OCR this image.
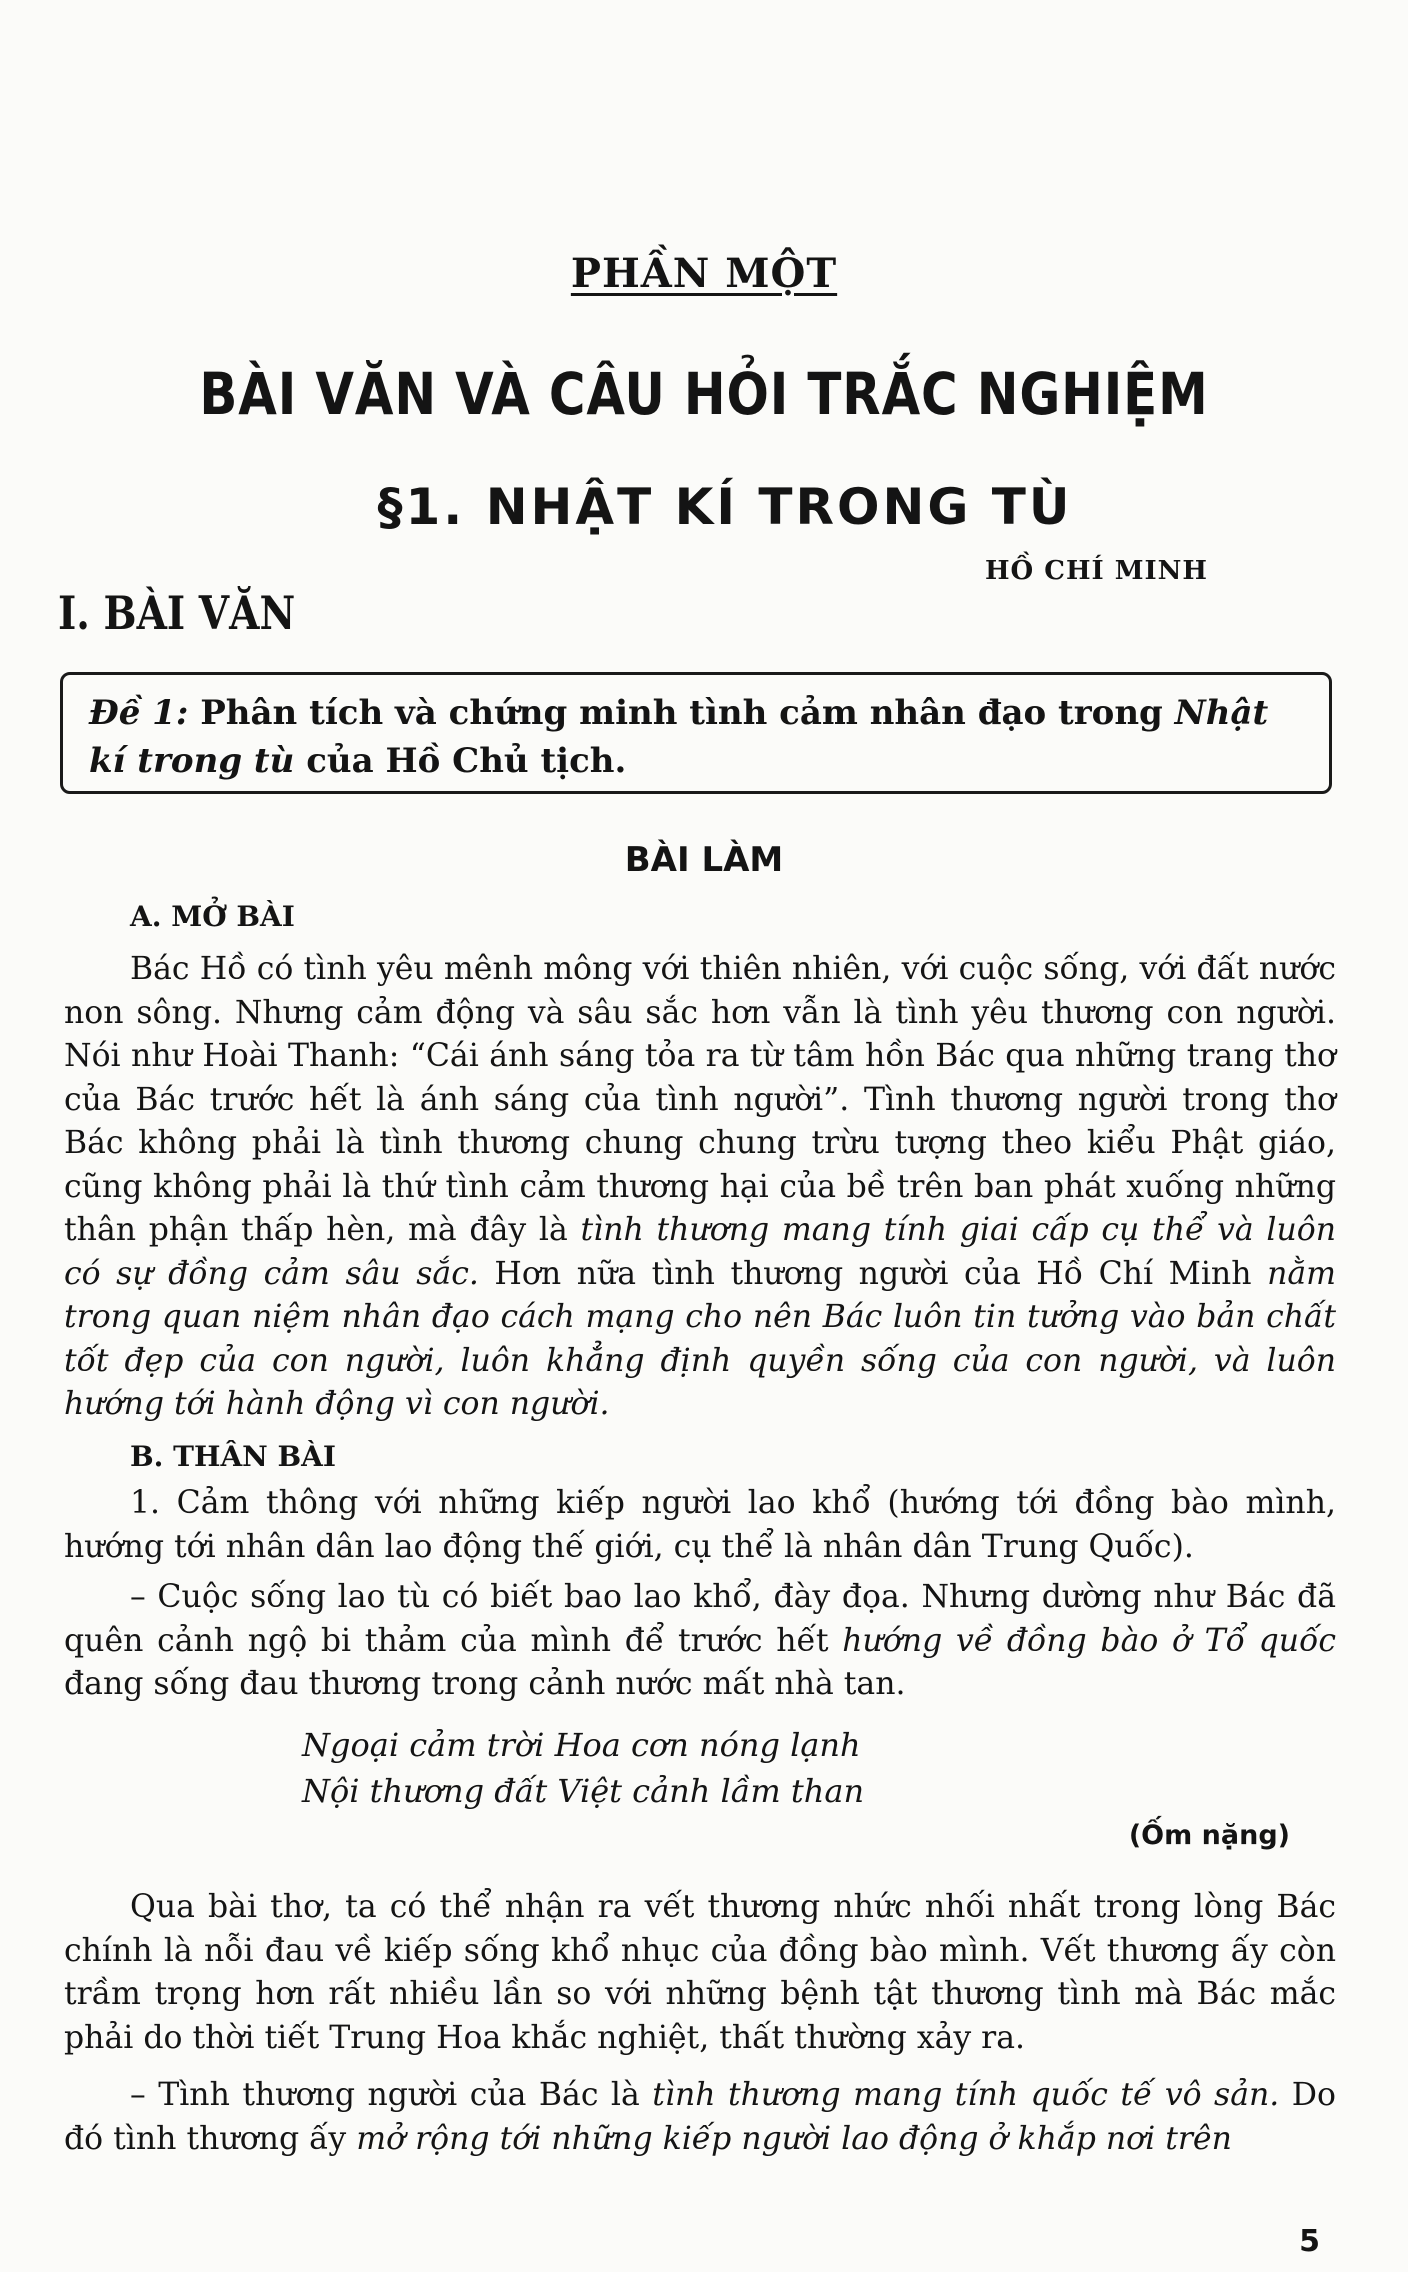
PHẦN MỘT
BÀI VĂN VÀ CÂU HỎI TRẮC NGHIỆM
§1. NHẬT KÍ TRONG TÙ
HỒ CHÍ MINH
I. BÀI VĂN
Đề 1: Phân tích và chứng minh tình cảm nhân đạo trong Nhật kí trong tù của Hồ Chủ tịch.
BÀI LÀM
A. MỞ BÀI
Bác Hồ có tình yêu mênh mông với thiên nhiên, với cuộc sống, với đất nước non sông. Nhưng cảm động và sâu sắc hơn vẫn là tình yêu thương con người. Nói như Hoài Thanh: “Cái ánh sáng tỏa ra từ tâm hồn Bác qua những trang thơ của Bác trước hết là ánh sáng của tình người”. Tình thương người trong thơ Bác không phải là tình thương chung chung trừu tượng theo kiểu Phật giáo, cũng không phải là thứ tình cảm thương hại của bề trên ban phát xuống những thân phận thấp hèn, mà đây là tình thương mang tính giai cấp cụ thể và luôn có sự đồng cảm sâu sắc. Hơn nữa tình thương người của Hồ Chí Minh nằm trong quan niệm nhân đạo cách mạng cho nên Bác luôn tin tưởng vào bản chất tốt đẹp của con người, luôn khẳng định quyền sống của con người, và luôn hướng tới hành động vì con người.
B. THÂN BÀI
1. Cảm thông với những kiếp người lao khổ (hướng tới đồng bào mình, hướng tới nhân dân lao động thế giới, cụ thể là nhân dân Trung Quốc).
– Cuộc sống lao tù có biết bao lao khổ, đày đọa. Nhưng dường như Bác đã quên cảnh ngộ bi thảm của mình để trước hết hướng về đồng bào ở Tổ quốc đang sống đau thương trong cảnh nước mất nhà tan.
Ngoại cảm trời Hoa cơn nóng lạnh
Nội thương đất Việt cảnh lầm than
(Ốm nặng)
Qua bài thơ, ta có thể nhận ra vết thương nhức nhối nhất trong lòng Bác chính là nỗi đau về kiếp sống khổ nhục của đồng bào mình. Vết thương ấy còn trầm trọng hơn rất nhiều lần so với những bệnh tật thương tình mà Bác mắc phải do thời tiết Trung Hoa khắc nghiệt, thất thường xảy ra.
– Tình thương người của Bác là tình thương mang tính quốc tế vô sản. Do đó tình thương ấy mở rộng tới những kiếp người lao động ở khắp nơi trên
5
